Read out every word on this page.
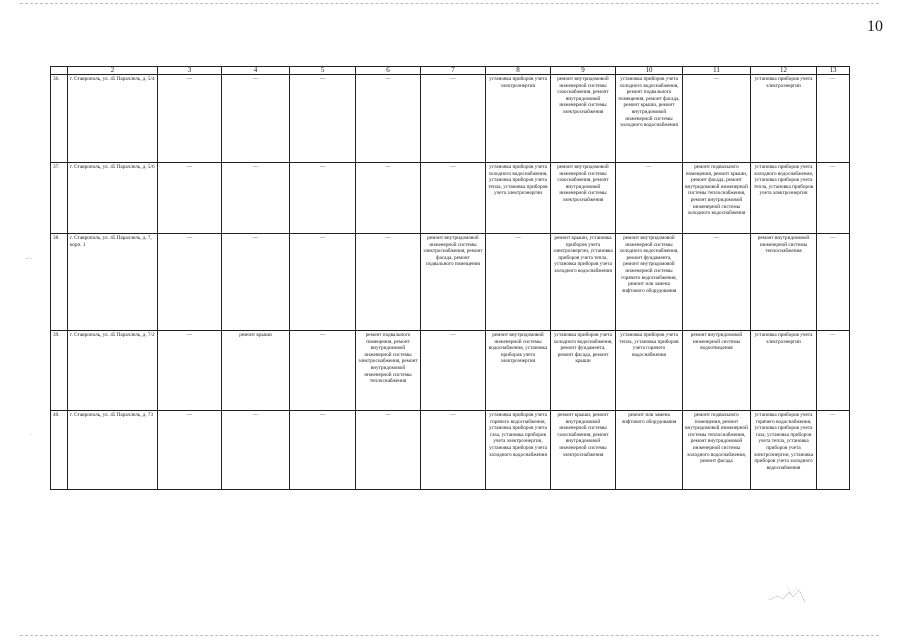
10
	2	3	4	5	6	7	8	9	10	11	12	13
36.	г. Ставрополь, ул. 45 Параллель, д. 5/4	—	—	—	—	—	установка приборов учета электроэнергии	ремонт внутридомовой инженерной системы газоснабжения, ремонт внутридомовой инженерной системы электроснабжения	установка приборов учета холодного водоснабжения, ремонт подвального помещения, ремонт фасада, ремонт крыши, ремонт внутридомовой инженерной системы холодного водоснабжения	—	установка приборов учета электроэнергии	—
37.	г. Ставрополь, ул. 45 Параллель, д. 5/6	—	—	—	—	—	установка приборов учета холодного водоснабжения, установка приборов учета тепла, установка приборов учета электроэнергии	ремонт внутридомовой инженерной системы газоснабжения, ремонт внутридомовой инженерной системы электроснабжения	—	ремонт подвального помещения, ремонт крыши, ремонт фасада, ремонт внутридомовой инженерной системы теплоснабжения, ремонт внутридомовой инженерной системы холодного водоснабжения	установка приборов учета холодного водоснабжения, установка приборов учета тепла, установка приборов учета электроэнергии	—
38.	г. Ставрополь, ул. 45 Параллель, д. 7, корп. 1	—	—	—	—	ремонт внутридомовой инженерной системы электроснабжения, ремонт фасада, ремонт подвального помещения	—	ремонт крыши, установка приборов учета электроэнергии, установка приборов учета тепла, установка приборов учета холодного водоснабжения	ремонт внутридомовой инженерной системы холодного водоснабжения, ремонт фундамента, ремонт внутридомовой инженерной системы горячего водоснабжения, ремонт или замена лифтового оборудования	—	ремонт внутридомовой инженерной системы теплоснабжения	—
39.	г. Ставрополь, ул. 45 Параллель, д. 7/2	—	ремонт крыши	—	ремонт подвального помещения, ремонт внутридомовой инженерной системы электроснабжения, ремонт внутридомовой инженерной системы теплоснабжения	—	ремонт внутридомовой инженерной системы водоснабжения, установка приборов учета электроэнергии	установка приборов учета холодного водоснабжения, ремонт фундамента, ремонт фасада, ремонт крыши	установка приборов учета тепла, установка приборов учета горячего водоснабжения	ремонт внутридомовой инженерной системы водоотведения	установка приборов учета электроэнергии	—
40.	г. Ставрополь, ул. 45 Параллель, д. 73	—	—	—	—	—	установка приборов учета горячего водоснабжения, установка приборов учета газа, установка приборов учета электроэнергии, установка приборов учета холодного водоснабжения	ремонт крыши, ремонт внутридомовой инженерной системы газоснабжения, ремонт внутридомовой инженерной системы электроснабжения	ремонт или замена лифтового оборудования	ремонт подвального помещения, ремонт внутридомовой инженерной системы теплоснабжения, ремонт внутридомовой инженерной системы холодного водоснабжения, ремонт фасада	установка приборов учета горячего водоснабжения, установка приборов учета газа, установка приборов учета тепла, установка приборов учета электроэнергии, установка приборов учета холодного водоснабжения	—
- -
·
